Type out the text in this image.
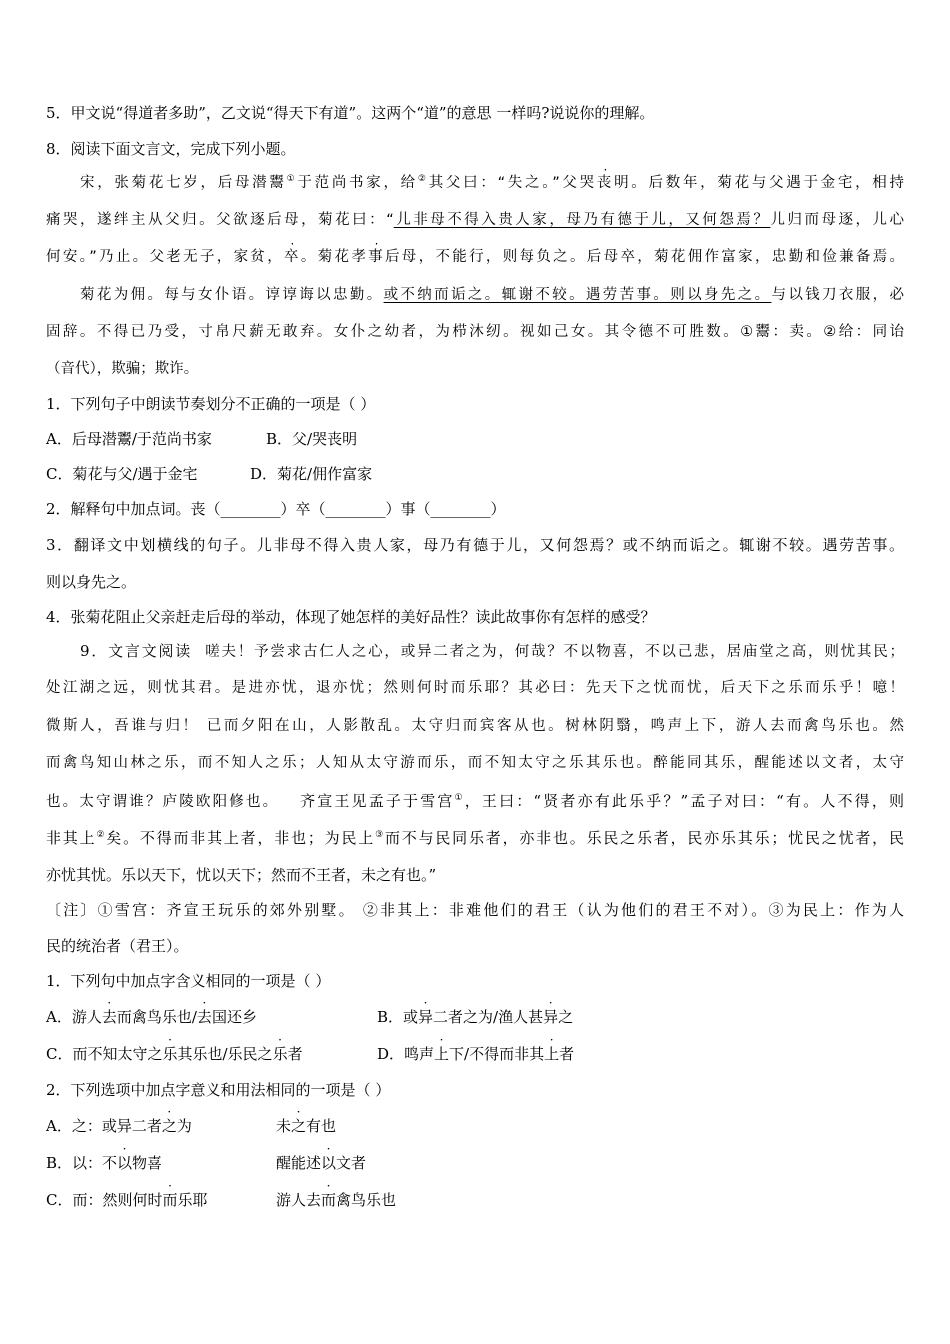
5．甲文说“得道者多助”，乙文说“得天下有道”。这两个“道”的意思 一样吗?说说你的理解。
8．阅读下面文言文，完成下列小题。
宋，张菊花七岁，后母潜鬻①于范尚书家，给②其父曰：“失之。”父哭丧明。后数年，菊花与父遇于金宅，相持
痛哭，遂绊主从父归。父欲逐后母，菊花曰：“儿非母不得入贵人家，母乃有德于儿，又何怨焉？儿归而母逐，儿心
何安。”乃止。父老无子，家贫，卒。菊花孝事后母，不能行，则每负之。后母卒，菊花佣作富家，忠勤和俭兼备焉。
菊花为佣。每与女仆语。谆谆诲以忠勤。或不纳而诟之。辄谢不较。遇劳苦事。则以身先之。与以钱刀衣服，必
固辞。不得已乃受，寸帛尺薪无敢弃。女仆之幼者，为栉沐纫。视如己女。其令德不可胜数。①鬻：卖。②给：同诒
（音代），欺骗；欺诈。
1．下列句子中朗读节奏划分不正确的一项是（ ）
A．后母潜鬻/于范尚书家	B．父/哭丧明
C．菊花与父/遇于金宅	D．菊花/佣作富家
2．解释句中加点词。丧（________）卒（________）事（________）
3．翻译文中划横线的句子。儿非母不得入贵人家，母乃有德于儿，又何怨焉？或不纳而诟之。辄谢不较。遇劳苦事。
则以身先之。
4．张菊花阻止父亲赶走后母的举动，体现了她怎样的美好品性？读此故事你有怎样的感受？
9．文言文阅读 嗟夫！予尝求古仁人之心，或异二者之为，何哉？不以物喜，不以己悲，居庙堂之高，则忧其民；
处江湖之远，则忧其君。是进亦忧，退亦忧；然则何时而乐耶？其必曰：先天下之忧而忧，后天下之乐而乐乎！噫！
微斯人，吾谁与归！ 已而夕阳在山，人影散乱。太守归而宾客从也。树林阴翳，鸣声上下，游人去而禽鸟乐也。然
而禽鸟知山林之乐，而不知人之乐；人知从太守游而乐，而不知太守之乐其乐也。醉能同其乐，醒能述以文者，太守
也。太守谓谁？庐陵欧阳修也。 齐宣王见孟子于雪宫①，王曰：“贤者亦有此乐乎？”孟子对曰：“有。人不得，则
非其上②矣。不得而非其上者，非也；为民上③而不与民同乐者，亦非也。乐民之乐者，民亦乐其乐；忧民之忧者，民
亦忧其忧。乐以天下，忧以天下；然而不王者，未之有也。”
〔注〕①雪宫：齐宣王玩乐的郊外别墅。 ②非其上：非难他们的君王（认为他们的君王不对）。③为民上：作为人
民的统治者（君王）。
1．下列句中加点字含义相同的一项是（ ）
A．游人去而禽鸟乐也/去国还乡	B．或异二者之为/渔人甚异之
C．而不知太守之乐其乐也/乐民之乐者	D．鸣声上下/不得而非其上者
2．下列选项中加点字意义和用法相同的一项是（ ）
A．之：或异二者之为	未之有也
B．以：不以物喜	醒能述以文者
C．而：然则何时而乐耶	游人去而禽鸟乐也
